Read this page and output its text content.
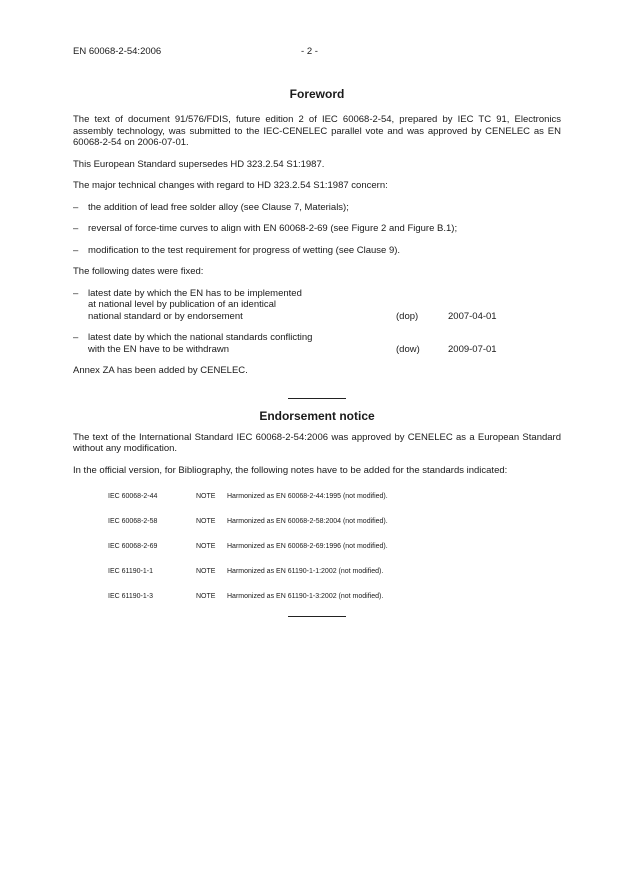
EN 60068-2-54:2006	- 2 -
Foreword

The text of document 91/576/FDIS, future edition 2 of IEC 60068-2-54, prepared by IEC TC 91, Electronics assembly technology, was submitted to the IEC-CENELEC parallel vote and was approved by CENELEC as EN 60068-2-54 on 2006-07-01.

This European Standard supersedes HD 323.2.54 S1:1987.

The major technical changes with regard to HD 323.2.54 S1:1987 concern:

– the addition of lead free solder alloy (see Clause 7, Materials);
– reversal of force-time curves to align with EN 60068-2-69 (see Figure 2 and Figure B.1);
– modification to the test requirement for progress of wetting (see Clause 9).

The following dates were fixed:

– latest date by which the EN has to be implemented
at national level by publication of an identical
national standard or by endorsement	(dop)	2007-04-01
– latest date by which the national standards conflicting
with the EN have to be withdrawn	(dow)	2009-07-01

Annex ZA has been added by CENELEC.

Endorsement notice

The text of the International Standard IEC 60068-2-54:2006 was approved by CENELEC as a European Standard without any modification.

In the official version, for Bibliography, the following notes have to be added for the standards indicated:

IEC 60068-2-44	NOTE Harmonized as EN 60068-2-44:1995 (not modified).
IEC 60068-2-58	NOTE Harmonized as EN 60068-2-58:2004 (not modified).
IEC 60068-2-69	NOTE Harmonized as EN 60068-2-69:1996 (not modified).
IEC 61190-1-1	NOTE Harmonized as EN 61190-1-1:2002 (not modified).
IEC 61190-1-3	NOTE Harmonized as EN 61190-1-3:2002 (not modified).
